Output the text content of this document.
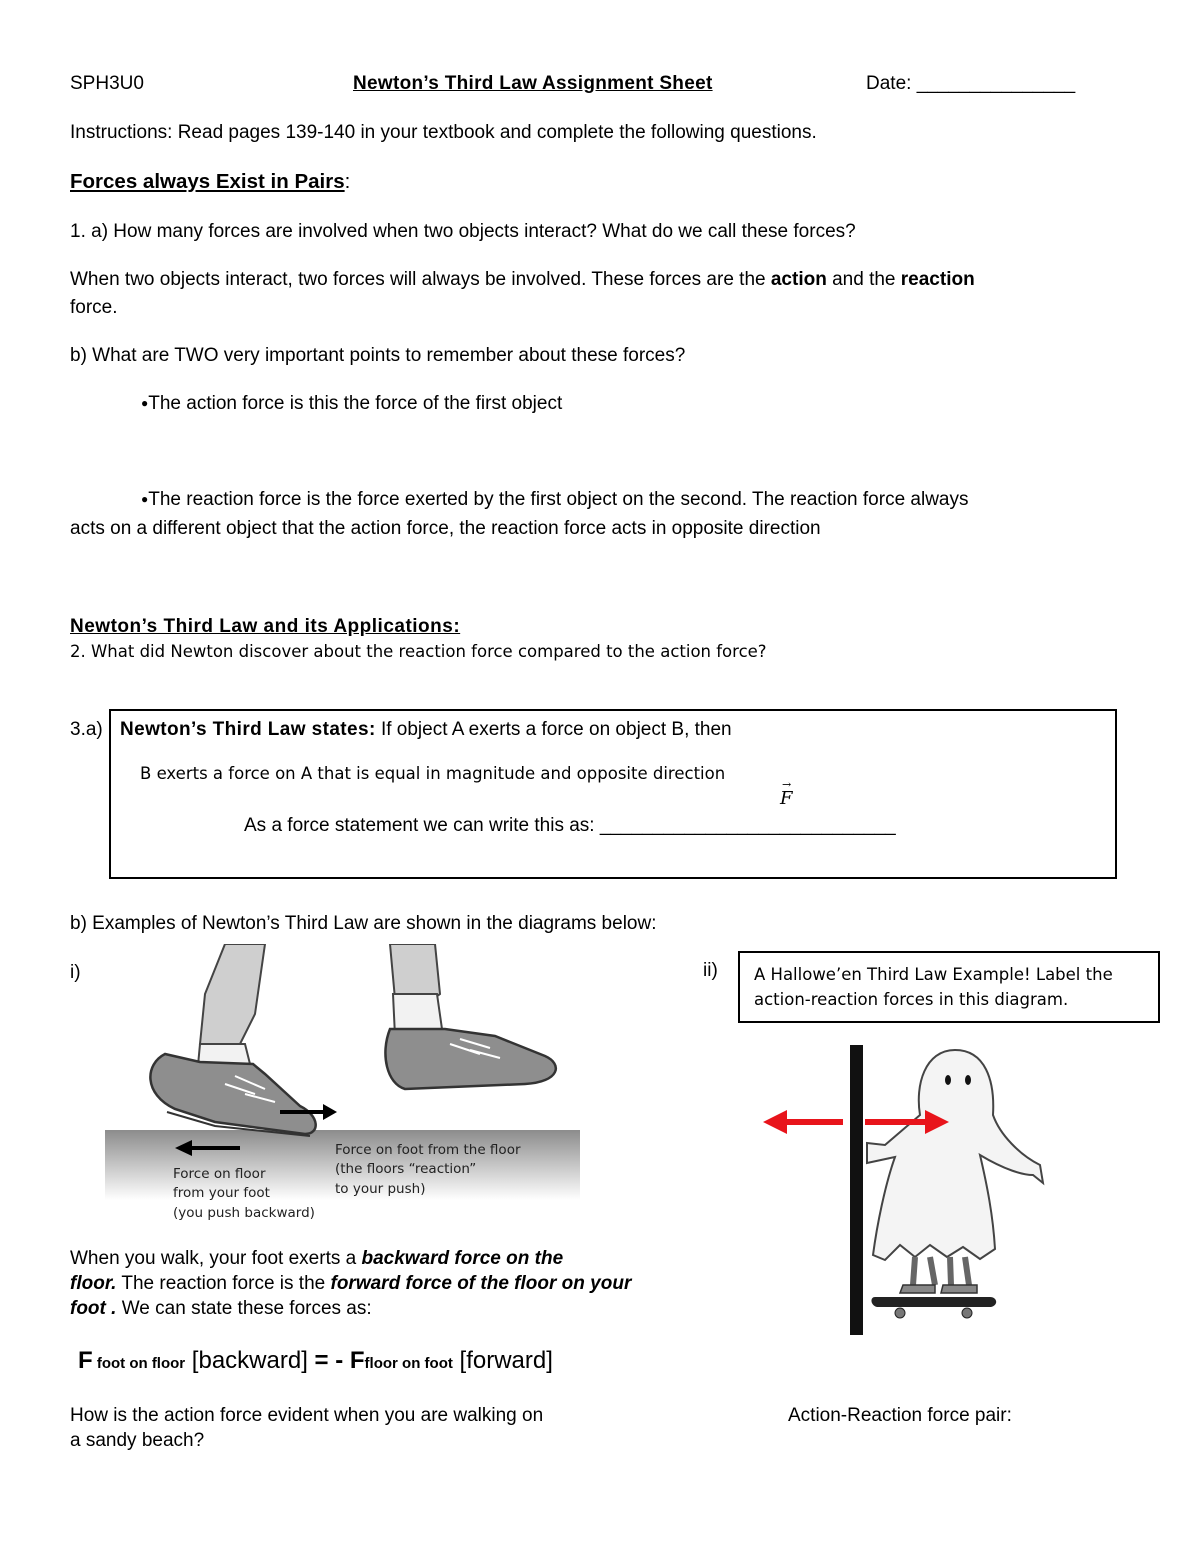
SPH3U0	Newton’s Third Law Assignment Sheet	Date: _______________
Instructions: Read pages 139-140 in your textbook and complete the following questions.
Forces always Exist in Pairs:
1. a) How many forces are involved when two objects interact? What do we call these forces?
When two objects interact, two forces will always be involved. These forces are the action and the reaction
force.
b) What are TWO very important points to remember about these forces?
●The action force is this the force of the first object
●The reaction force is the force exerted by the first object on the second. The reaction force always
acts on a different object that the action force, the reaction force acts in opposite direction
Newton’s Third Law and its Applications:
2. What did Newton discover about the reaction force compared to the action force?
3.a) Newton’s Third Law states: If object A exerts a force on object B, then
B exerts a force on A that is equal in magnitude and opposite direction
→
F
As a force statement we can write this as: ____________________________
b) Examples of Newton’s Third Law are shown in the diagrams below:
i)
Force on floor
from your foot
(you push backward)
Force on foot from the floor
(the floors “reaction”
to your push)
When you walk, your foot exerts a backward force on the
floor. The reaction force is the forward force of the floor on your
foot . We can state these forces as:
F foot on floor [backward] = - Ffloor on foot [forward]
How is the action force evident when you are walking on
a sandy beach?
ii) A Hallowe’en Third Law Example! Label the
action-reaction forces in this diagram.
Action-Reaction force pair:
